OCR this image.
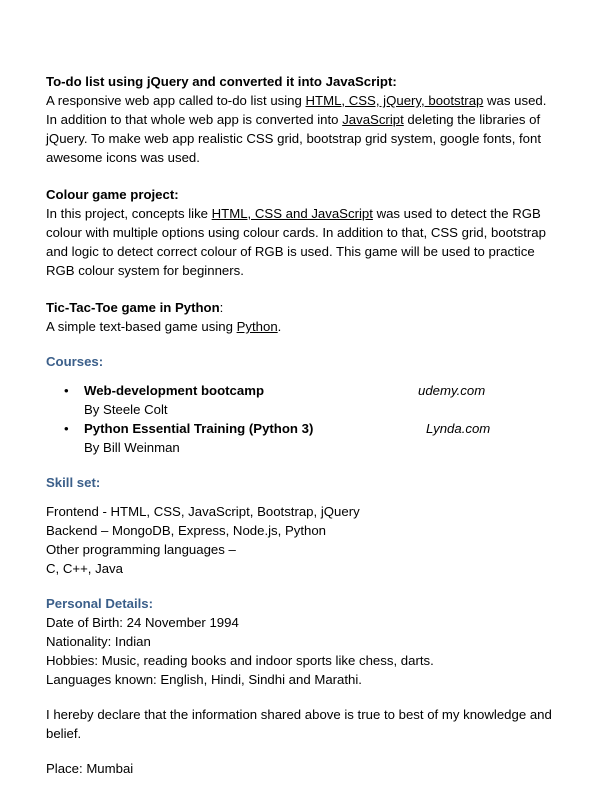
To-do list using jQuery and converted it into JavaScript:

A responsive web app called to-do list using HTML, CSS, jQuery, bootstrap was used.

In addition to that whole web app is converted into JavaScript deleting the libraries of

jQuery. To make web app realistic CSS grid, bootstrap grid system, google fonts, font

awesome icons was used.

Colour game project:

In this project, concepts like HTML, CSS and JavaScript was used to detect the RGB

colour with multiple options using colour cards. In addition to that, CSS grid, bootstrap

and logic to detect correct colour of RGB is used. This game will be used to practice

RGB colour system for beginners.

Tic-Tac-Toe game in Python:

A simple text-based game using Python.

Courses:

• Web-development bootcamp	udemy.com

By Steele Colt

• Python Essential Training (Python 3)	Lynda.com

By Bill Weinman

Skill set:

Frontend - HTML, CSS, JavaScript, Bootstrap, jQuery

Backend – MongoDB, Express, Node.js, Python

Other programming languages –

C, C++, Java

Personal Details:

Date of Birth: 24 November 1994

Nationality: Indian

Hobbies: Music, reading books and indoor sports like chess, darts.

Languages known: English, Hindi, Sindhi and Marathi.

I hereby declare that the information shared above is true to best of my knowledge and

belief.

Place: Mumbai
